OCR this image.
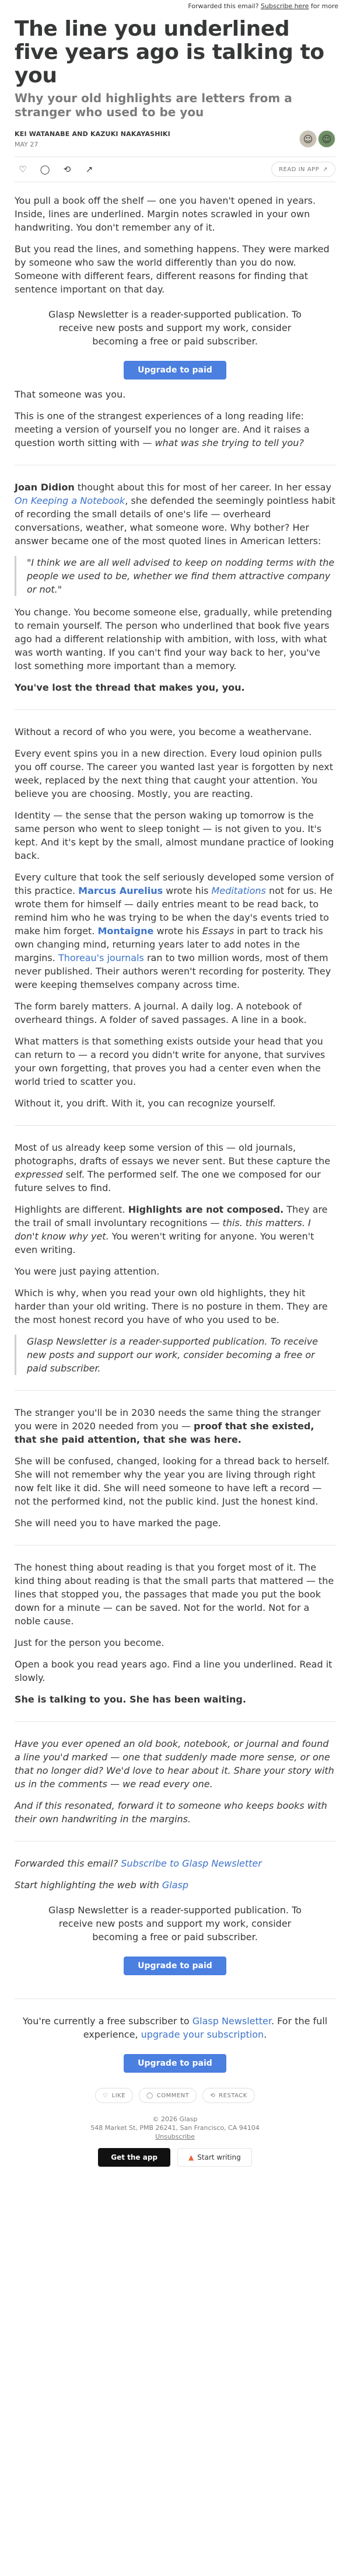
Forwarded this email? Subscribe here for more
The line you underlined five years ago is talking to you
Why your old highlights are letters from a stranger who used to be you
KEI WATANABE AND KAZUKI NAKAYASHIKI
MAY 27	☺ ☺
♡	◯	⟲	↗	READ IN APP ↗

You pull a book off the shelf — one you haven't opened in years. Inside, lines are underlined. Margin notes scrawled in your own handwriting. You don't remember any of it.

But you read the lines, and something happens. They were marked by someone who saw the world differently than you do now. Someone with different fears, different reasons for finding that sentence important on that day.

Glasp Newsletter is a reader-supported publication. To receive new posts and support my work, consider becoming a free or paid subscriber.

Upgrade to paid

That someone was you.

This is one of the strangest experiences of a long reading life: meeting a version of yourself you no longer are. And it raises a question worth sitting with — what was she trying to tell you?

Joan Didion thought about this for most of her career. In her essay On Keeping a Notebook, she defended the seemingly pointless habit of recording the small details of one's life — overheard conversations, weather, what someone wore. Why bother? Her answer became one of the most quoted lines in American letters:

"I think we are all well advised to keep on nodding terms with the people we used to be, whether we find them attractive company or not."

You change. You become someone else, gradually, while pretending to remain yourself. The person who underlined that book five years ago had a different relationship with ambition, with loss, with what was worth wanting. If you can't find your way back to her, you've lost something more important than a memory.

You've lost the thread that makes you, you.

Without a record of who you were, you become a weathervane.

Every event spins you in a new direction. Every loud opinion pulls you off course. The career you wanted last year is forgotten by next week, replaced by the next thing that caught your attention. You believe you are choosing. Mostly, you are reacting.

Identity — the sense that the person waking up tomorrow is the same person who went to sleep tonight — is not given to you. It's kept. And it's kept by the small, almost mundane practice of looking back.

Every culture that took the self seriously developed some version of this practice. Marcus Aurelius wrote his Meditations not for us. He wrote them for himself — daily entries meant to be read back, to remind him who he was trying to be when the day's events tried to make him forget. Montaigne wrote his Essays in part to track his own changing mind, returning years later to add notes in the margins. Thoreau's journals ran to two million words, most of them never published. Their authors weren't recording for posterity. They were keeping themselves company across time.

The form barely matters. A journal. A daily log. A notebook of overheard things. A folder of saved passages. A line in a book.

What matters is that something exists outside your head that you can return to — a record you didn't write for anyone, that survives your own forgetting, that proves you had a center even when the world tried to scatter you.

Without it, you drift. With it, you can recognize yourself.

Most of us already keep some version of this — old journals, photographs, drafts of essays we never sent. But these capture the expressed self. The performed self. The one we composed for our future selves to find.

Highlights are different. Highlights are not composed. They are the trail of small involuntary recognitions — this. this matters. I don't know why yet. You weren't writing for anyone. You weren't even writing.

You were just paying attention.

Which is why, when you read your own old highlights, they hit harder than your old writing. There is no posture in them. They are the most honest record you have of who you used to be.

Glasp Newsletter is a reader-supported publication. To receive new posts and support our work, consider becoming a free or paid subscriber.

The stranger you'll be in 2030 needs the same thing the stranger you were in 2020 needed from you — proof that she existed, that she paid attention, that she was here.

She will be confused, changed, looking for a thread back to herself. She will not remember why the year you are living through right now felt like it did. She will need someone to have left a record — not the performed kind, not the public kind. Just the honest kind.

She will need you to have marked the page.

The honest thing about reading is that you forget most of it. The kind thing about reading is that the small parts that mattered — the lines that stopped you, the passages that made you put the book down for a minute — can be saved. Not for the world. Not for a noble cause.

Just for the person you become.

Open a book you read years ago. Find a line you underlined. Read it slowly.

She is talking to you. She has been waiting.

Have you ever opened an old book, notebook, or journal and found a line you'd marked — one that suddenly made more sense, or one that no longer did? We'd love to hear about it. Share your story with us in the comments — we read every one.

And if this resonated, forward it to someone who keeps books with their own handwriting in the margins.

Forwarded this email? Subscribe to Glasp Newsletter

Start highlighting the web with Glasp

Glasp Newsletter is a reader-supported publication. To receive new posts and support my work, consider becoming a free or paid subscriber.

Upgrade to paid

You're currently a free subscriber to Glasp Newsletter. For the full experience, upgrade your subscription.

Upgrade to paid
♡ LIKE	◯ COMMENT	⟲ RESTACK
© 2026 Glasp
548 Market St, PMB 26241, San Francisco, CA 94104
Unsubscribe
Get the app	▲ Start writing
